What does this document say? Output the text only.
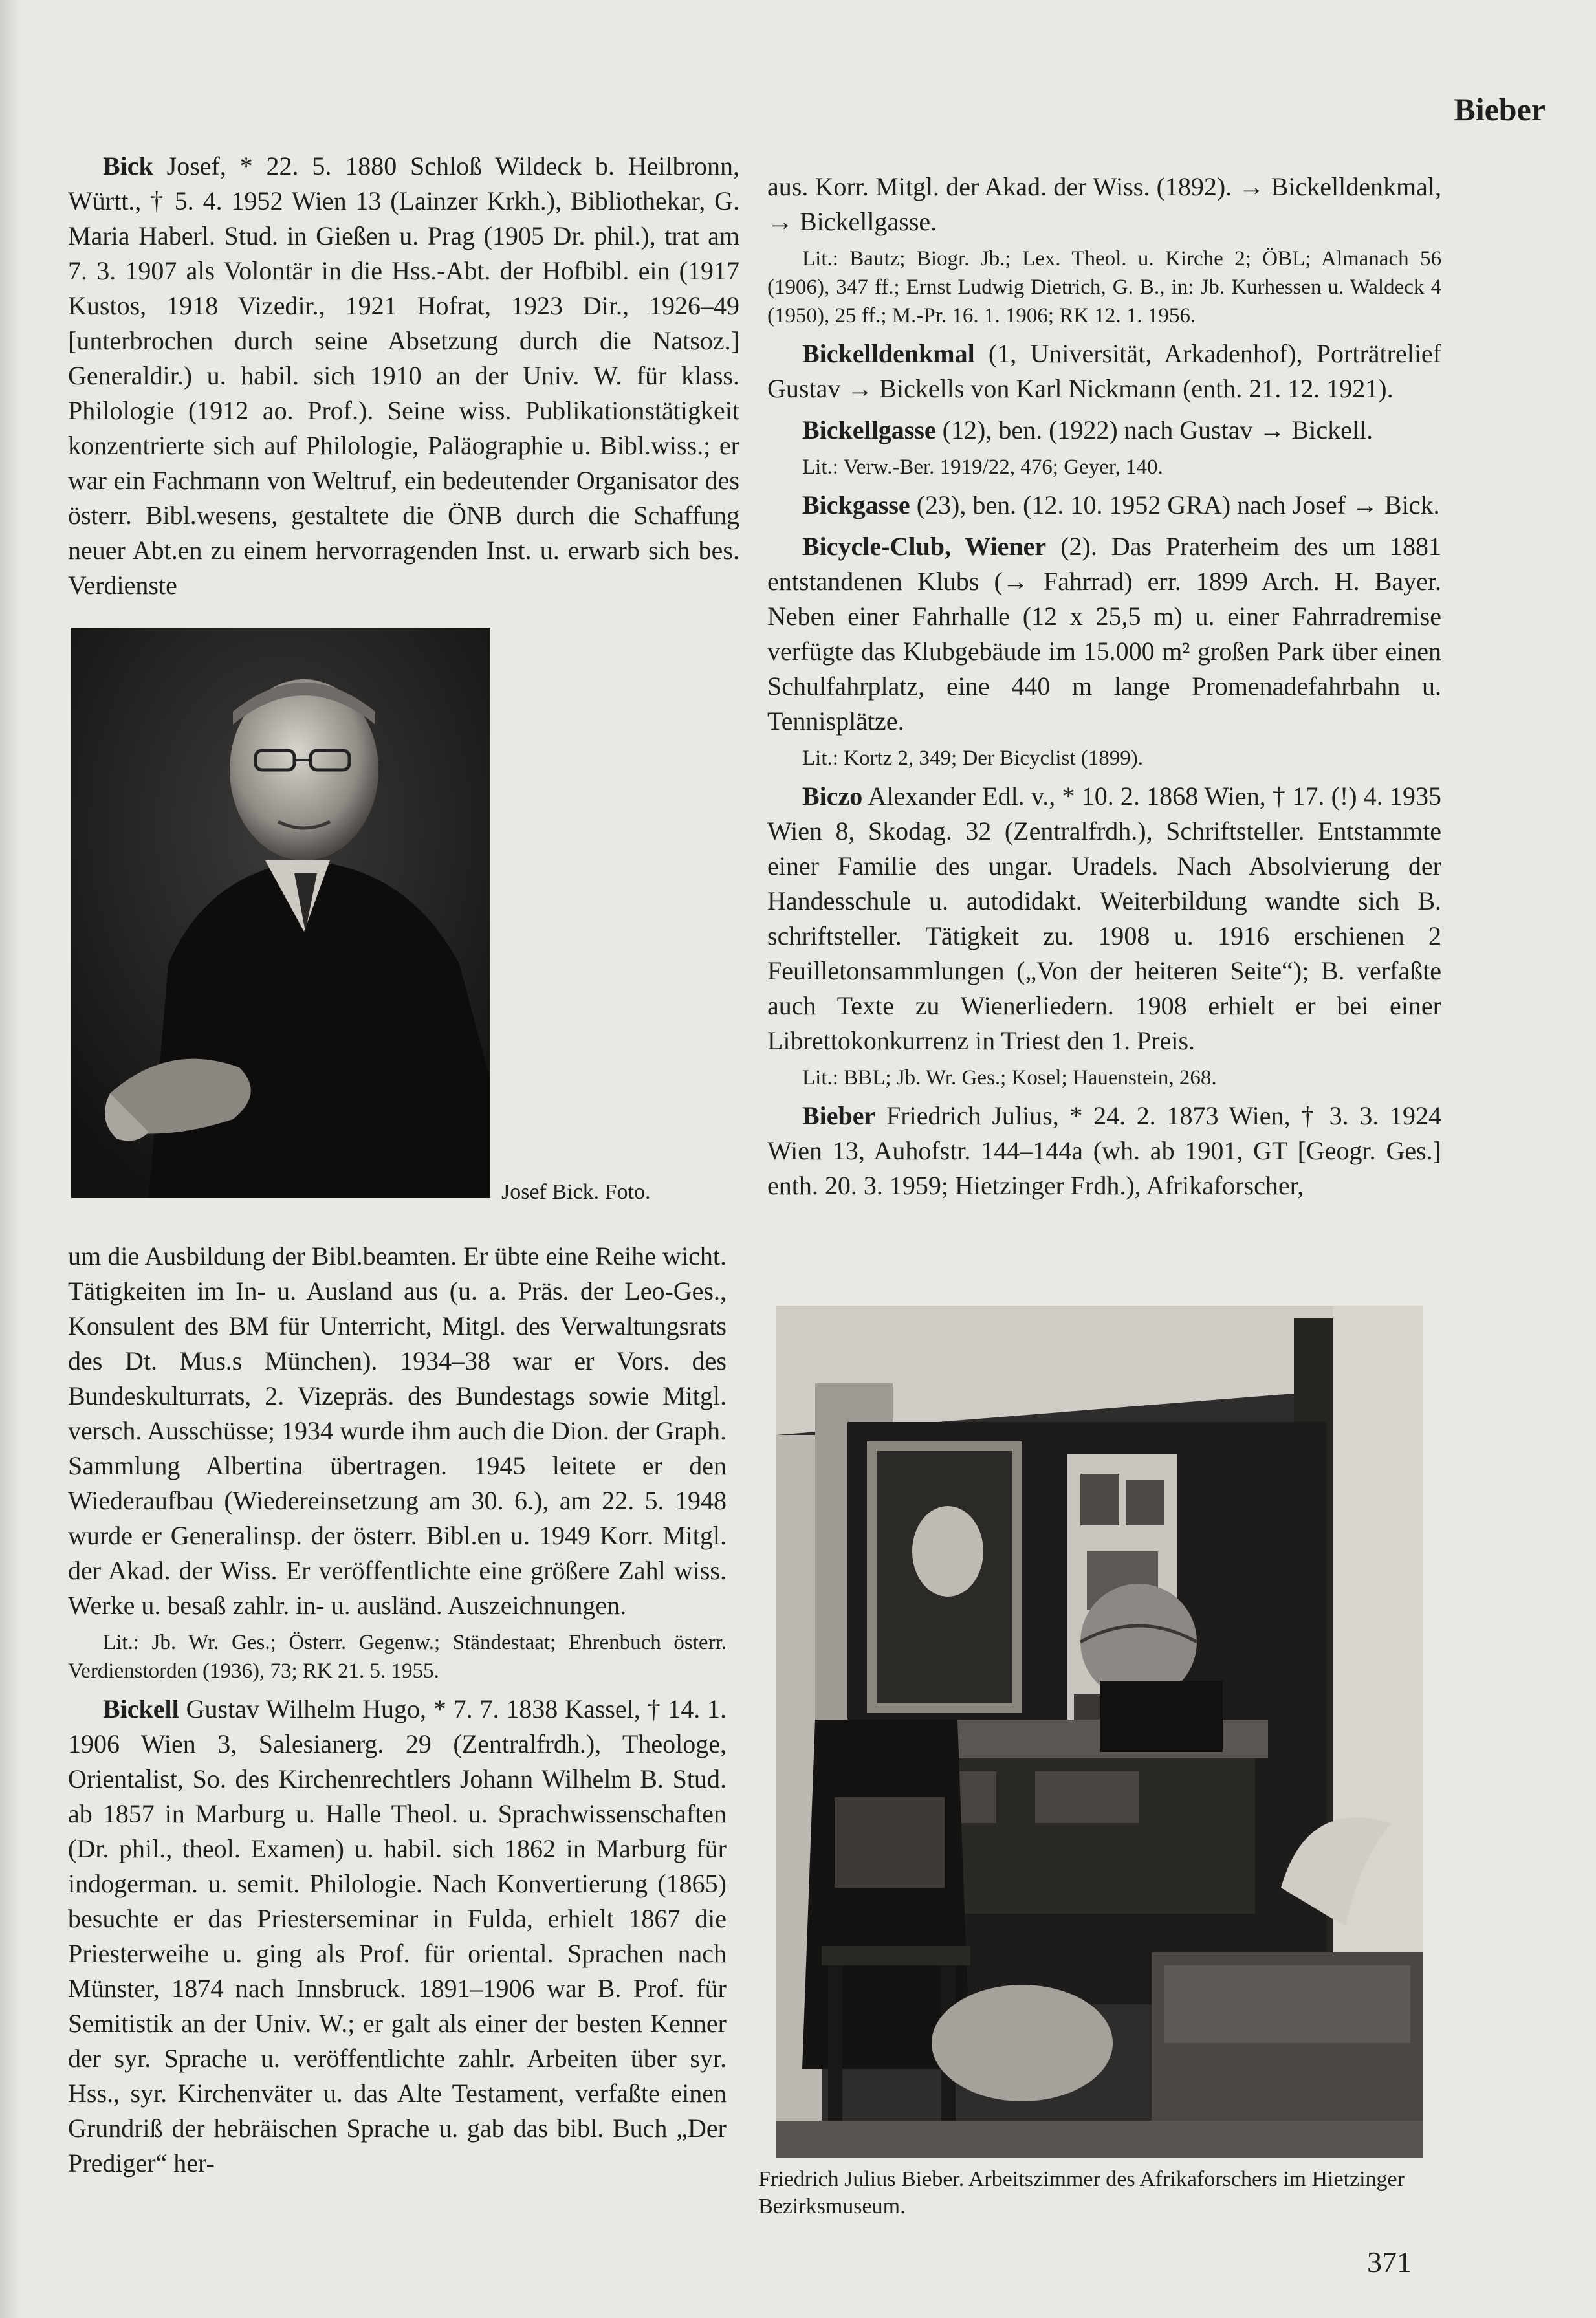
Bieber

Bick Josef, * 22. 5. 1880 Schloß Wildeck b. Heilbronn, Württ., † 5. 4. 1952 Wien 13 (Lainzer Krkh.), Bibliothekar, G. Maria Haberl. Stud. in Gießen u. Prag (1905 Dr. phil.), trat am 7. 3. 1907 als Volontär in die Hss.-Abt. der Hofbibl. ein (1917 Kustos, 1918 Vizedir., 1921 Hofrat, 1923 Dir., 1926–49 [unterbrochen durch seine Absetzung durch die Natsoz.] Generaldir.) u. habil. sich 1910 an der Univ. W. für klass. Philologie (1912 ao. Prof.). Seine wiss. Publikationstätigkeit konzentrierte sich auf Philologie, Paläographie u. Bibl.wiss.; er war ein Fachmann von Weltruf, ein bedeutender Organisator des österr. Bibl.wesens, gestaltete die ÖNB durch die Schaffung neuer Abt.en zu einem hervorragenden Inst. u. erwarb sich bes. Verdienste

Josef Bick. Foto.

um die Ausbildung der Bibl.beamten. Er übte eine Reihe wicht. Tätigkeiten im In- u. Ausland aus (u. a. Präs. der Leo-Ges., Konsulent des BM für Unterricht, Mitgl. des Verwaltungsrats des Dt. Mus.s München). 1934–38 war er Vors. des Bundeskulturrats, 2. Vizepräs. des Bundestags sowie Mitgl. versch. Ausschüsse; 1934 wurde ihm auch die Dion. der Graph. Sammlung Albertina übertragen. 1945 leitete er den Wiederaufbau (Wiedereinsetzung am 30. 6.), am 22. 5. 1948 wurde er Generalinsp. der österr. Bibl.en u. 1949 Korr. Mitgl. der Akad. der Wiss. Er veröffentlichte eine größere Zahl wiss. Werke u. besaß zahlr. in- u. ausländ. Auszeichnungen.

Lit.: Jb. Wr. Ges.; Österr. Gegenw.; Ständestaat; Ehrenbuch österr. Verdienstorden (1936), 73; RK 21. 5. 1955.

Bickell Gustav Wilhelm Hugo, * 7. 7. 1838 Kassel, † 14. 1. 1906 Wien 3, Salesianerg. 29 (Zentralfrdh.), Theologe, Orientalist, So. des Kirchenrechtlers Johann Wilhelm B. Stud. ab 1857 in Marburg u. Halle Theol. u. Sprachwissenschaften (Dr. phil., theol. Examen) u. habil. sich 1862 in Marburg für indogerman. u. semit. Philologie. Nach Konvertierung (1865) besuchte er das Priesterseminar in Fulda, erhielt 1867 die Priesterweihe u. ging als Prof. für oriental. Sprachen nach Münster, 1874 nach Innsbruck. 1891–1906 war B. Prof. für Semitistik an der Univ. W.; er galt als einer der besten Kenner der syr. Sprache u. veröffentlichte zahlr. Arbeiten über syr. Hss., syr. Kirchenväter u. das Alte Testament, verfaßte einen Grundriß der hebräischen Sprache u. gab das bibl. Buch „Der Prediger“ her-

aus. Korr. Mitgl. der Akad. der Wiss. (1892). → Bickelldenkmal, → Bickellgasse.

Lit.: Bautz; Biogr. Jb.; Lex. Theol. u. Kirche 2; ÖBL; Almanach 56 (1906), 347 ff.; Ernst Ludwig Dietrich, G. B., in: Jb. Kurhessen u. Waldeck 4 (1950), 25 ff.; M.-Pr. 16. 1. 1906; RK 12. 1. 1956.

Bickelldenkmal (1, Universität, Arkadenhof), Porträtrelief Gustav → Bickells von Karl Nickmann (enth. 21. 12. 1921).

Bickellgasse (12), ben. (1922) nach Gustav → Bickell.

Lit.: Verw.-Ber. 1919/22, 476; Geyer, 140.

Bickgasse (23), ben. (12. 10. 1952 GRA) nach Josef → Bick.

Bicycle-Club, Wiener (2). Das Praterheim des um 1881 entstandenen Klubs (→ Fahrrad) err. 1899 Arch. H. Bayer. Neben einer Fahrhalle (12 x 25,5 m) u. einer Fahrradremise verfügte das Klubgebäude im 15.000 m² großen Park über einen Schulfahrplatz, eine 440 m lange Promenadefahrbahn u. Tennisplätze.

Lit.: Kortz 2, 349; Der Bicyclist (1899).

Biczo Alexander Edl. v., * 10. 2. 1868 Wien, † 17. (!) 4. 1935 Wien 8, Skodag. 32 (Zentralfrdh.), Schriftsteller. Entstammte einer Familie des ungar. Uradels. Nach Absolvierung der Handesschule u. autodidakt. Weiterbildung wandte sich B. schriftsteller. Tätigkeit zu. 1908 u. 1916 erschienen 2 Feuilletonsammlungen („Von der heiteren Seite“); B. verfaßte auch Texte zu Wienerliedern. 1908 erhielt er bei einer Librettokonkurrenz in Triest den 1. Preis.

Lit.: BBL; Jb. Wr. Ges.; Kosel; Hauenstein, 268.

Bieber Friedrich Julius, * 24. 2. 1873 Wien, † 3. 3. 1924 Wien 13, Auhofstr. 144–144a (wh. ab 1901, GT [Geogr. Ges.] enth. 20. 3. 1959; Hietzinger Frdh.), Afrikaforscher,

Friedrich Julius Bieber. Arbeitszimmer des Afrikaforschers im Hietzinger Bezirksmuseum.
371
